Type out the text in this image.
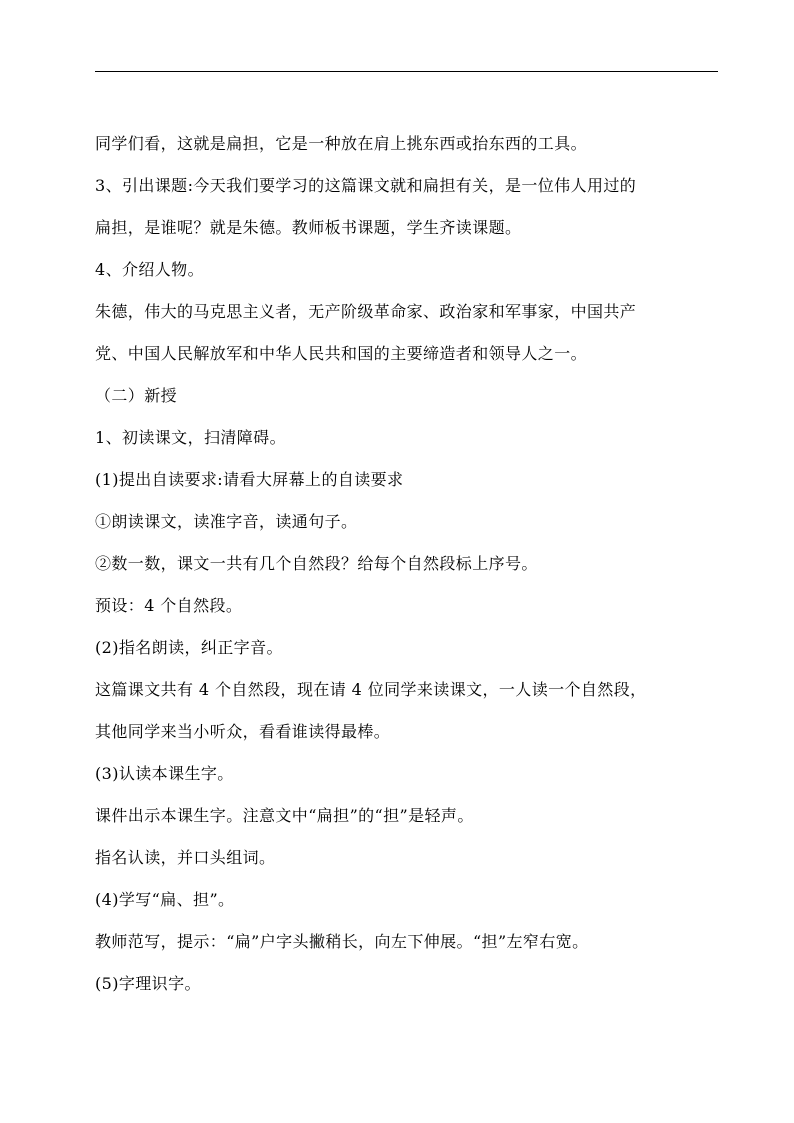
同学们看，这就是扁担，它是一种放在肩上挑东西或抬东西的工具。
3、引出课题:今天我们要学习的这篇课文就和扁担有关，是一位伟人用过的
扁担，是谁呢？就是朱德。教师板书课题，学生齐读课题。
4、介绍人物。
朱德，伟大的马克思主义者，无产阶级革命家、政治家和军事家，中国共产
党、中国人民解放军和中华人民共和国的主要缔造者和领导人之一。
（二）新授
1、初读课文，扫清障碍。
(1)提出自读要求:请看大屏幕上的自读要求
①朗读课文，读准字音，读通句子。
②数一数，课文一共有几个自然段？给每个自然段标上序号。
预设：4 个自然段。
(2)指名朗读，纠正字音。
这篇课文共有 4 个自然段，现在请 4 位同学来读课文，一人读一个自然段，
其他同学来当小听众，看看谁读得最棒。
(3)认读本课生字。
课件出示本课生字。注意文中“扁担”的“担”是轻声。
指名认读，并口头组词。
(4)学写“扁、担”。
教师范写，提示：“扁”户字头撇稍长，向左下伸展。“担”左窄右宽。
(5)字理识字。
